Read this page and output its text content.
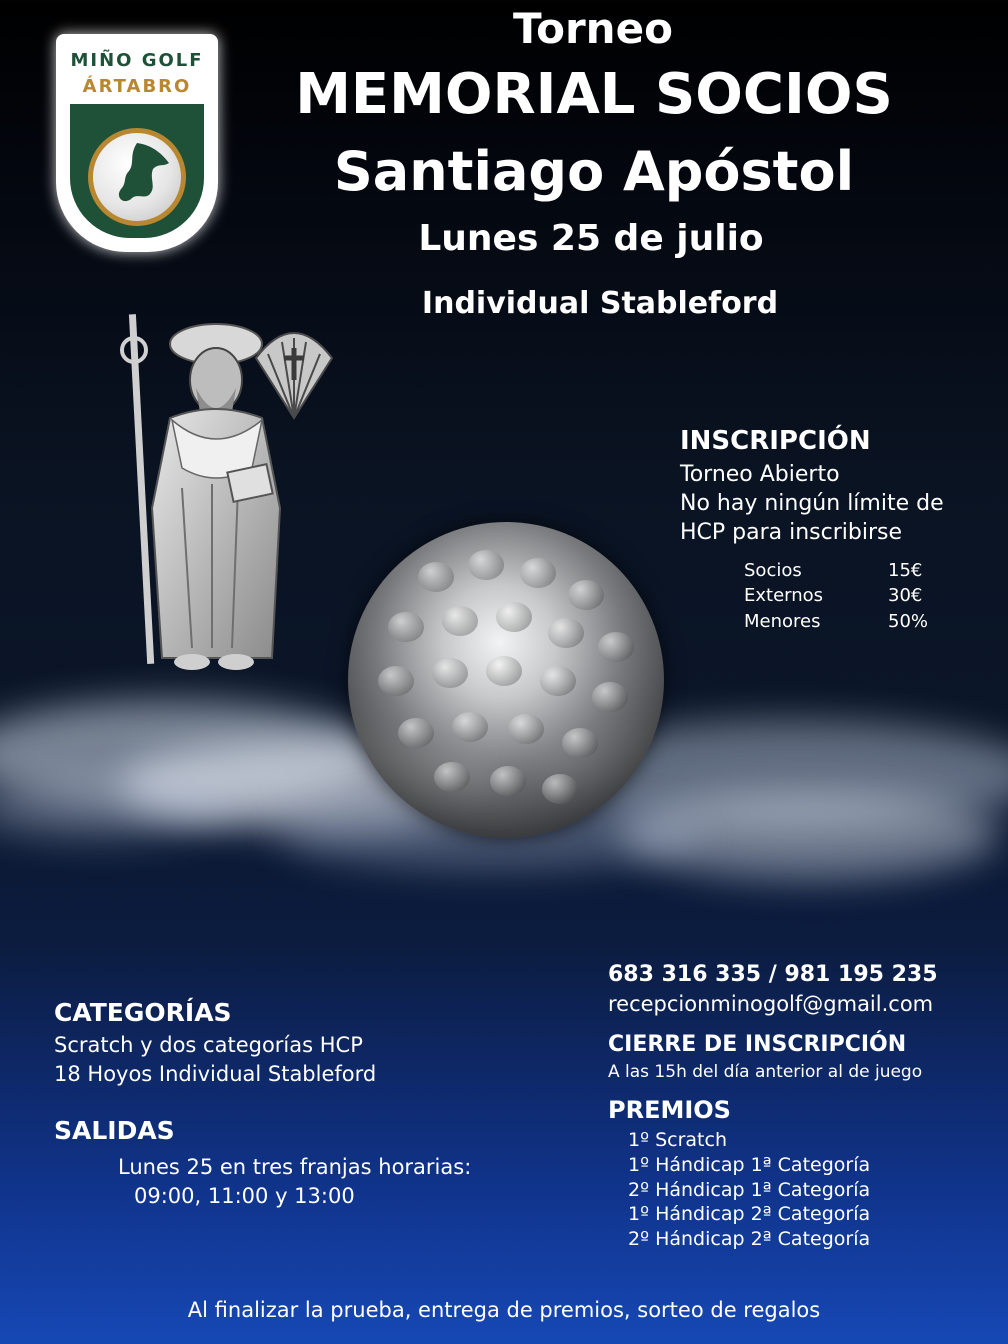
MIÑO GOLF
ÁRTABRO
Torneo
MEMORIAL SOCIOS
Santiago Apóstol
Lunes 25 de julio
Individual Stableford
INSCRIPCIÓN
Torneo Abierto
No hay ningún límite de
HCP para inscribirse
Socios	15€
Externos	30€
Menores	50%
683 316 335 / 981 195 235
recepcionminogolf@gmail.com
CIERRE DE INSCRIPCIÓN
A las 15h del día anterior al de juego
PREMIOS
1º Scratch
1º Hándicap 1ª Categoría
2º Hándicap 1ª Categoría
1º Hándicap 2ª Categoría
2º Hándicap 2ª Categoría
CATEGORÍAS
Scratch y dos categorías HCP
18 Hoyos Individual Stableford
SALIDAS
Lunes 25 en tres franjas horarias:
09:00, 11:00 y 13:00
Al finalizar la prueba, entrega de premios, sorteo de regalos
